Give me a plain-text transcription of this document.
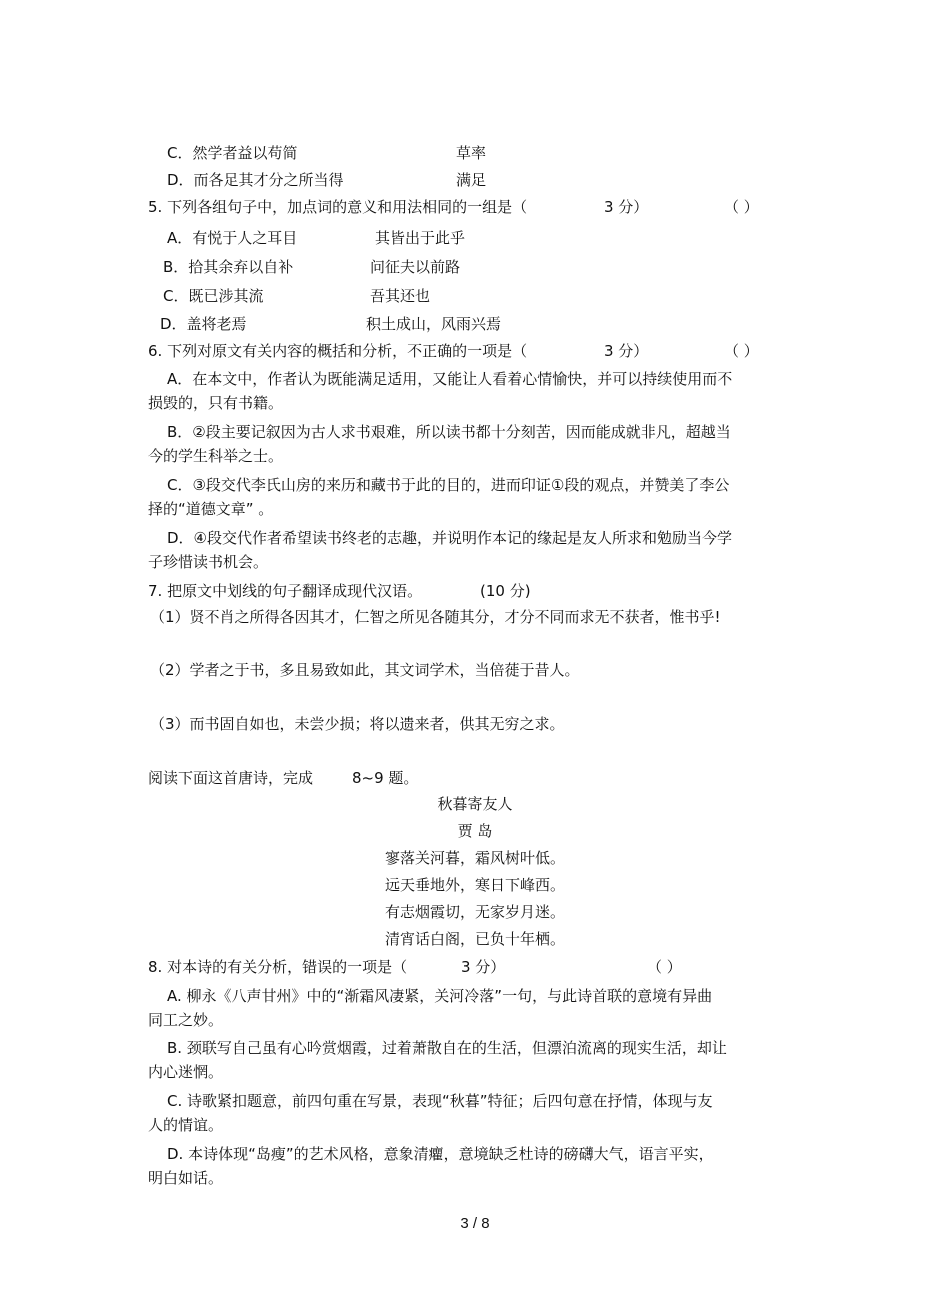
C．然学者益以苟简	草率
D．而各足其才分之所当得	满足
5. 下列各组句子中，加点词的意义和用法相同的一组是（	3 分）	（ ）
A．有悦于人之耳目	其皆出于此乎
B．拾其余弃以自补	问征夫以前路
C．既已涉其流	吾其还也
D．盖将老焉	积土成山，风雨兴焉
6. 下列对原文有关内容的概括和分析，不正确的一项是（	3 分）	（ ）
A．在本文中，作者认为既能满足适用，又能让人看着心情愉快，并可以持续使用而不
损毁的，只有书籍。
B．②段主要记叙因为古人求书艰难，所以读书都十分刻苦，因而能成就非凡，超越当
今的学生科举之士。
C．③段交代李氏山房的来历和藏书于此的目的，进而印证①段的观点，并赞美了李公
择的“道德文章” 。
D．④段交代作者希望读书终老的志趣，并说明作本记的缘起是友人所求和勉励当今学
子珍惜读书机会。
7. 把原文中划线的句子翻译成现代汉语。	(10 分)
（1）贤不肖之所得各因其才，仁智之所见各随其分，才分不同而求无不获者，惟书乎!
（2）学者之于书，多且易致如此，其文词学术，当倍蓰于昔人。
（3）而书固自如也，未尝少损；将以遗来者，供其无穷之求。
阅读下面这首唐诗，完成	8~9 题。
秋暮寄友人
贾 岛
寥落关河暮，霜风树叶低。
远天垂地外，寒日下峰西。
有志烟霞切，无家岁月迷。
清宵话白阁，已负十年栖。
8. 对本诗的有关分析，错误的一项是（	3 分）	（ ）
A. 柳永《八声甘州》中的“渐霜风凄紧，关河冷落”一句，与此诗首联的意境有异曲
同工之妙。
B. 颈联写自己虽有心吟赏烟霞，过着萧散自在的生活，但漂泊流离的现实生活，却让
内心迷惘。
C. 诗歌紧扣题意，前四句重在写景，表现“秋暮”特征；后四句意在抒情，体现与友
人的情谊。
D. 本诗体现“岛瘦”的艺术风格，意象清癯，意境缺乏杜诗的磅礴大气，语言平实，
明白如话。
3 / 8
